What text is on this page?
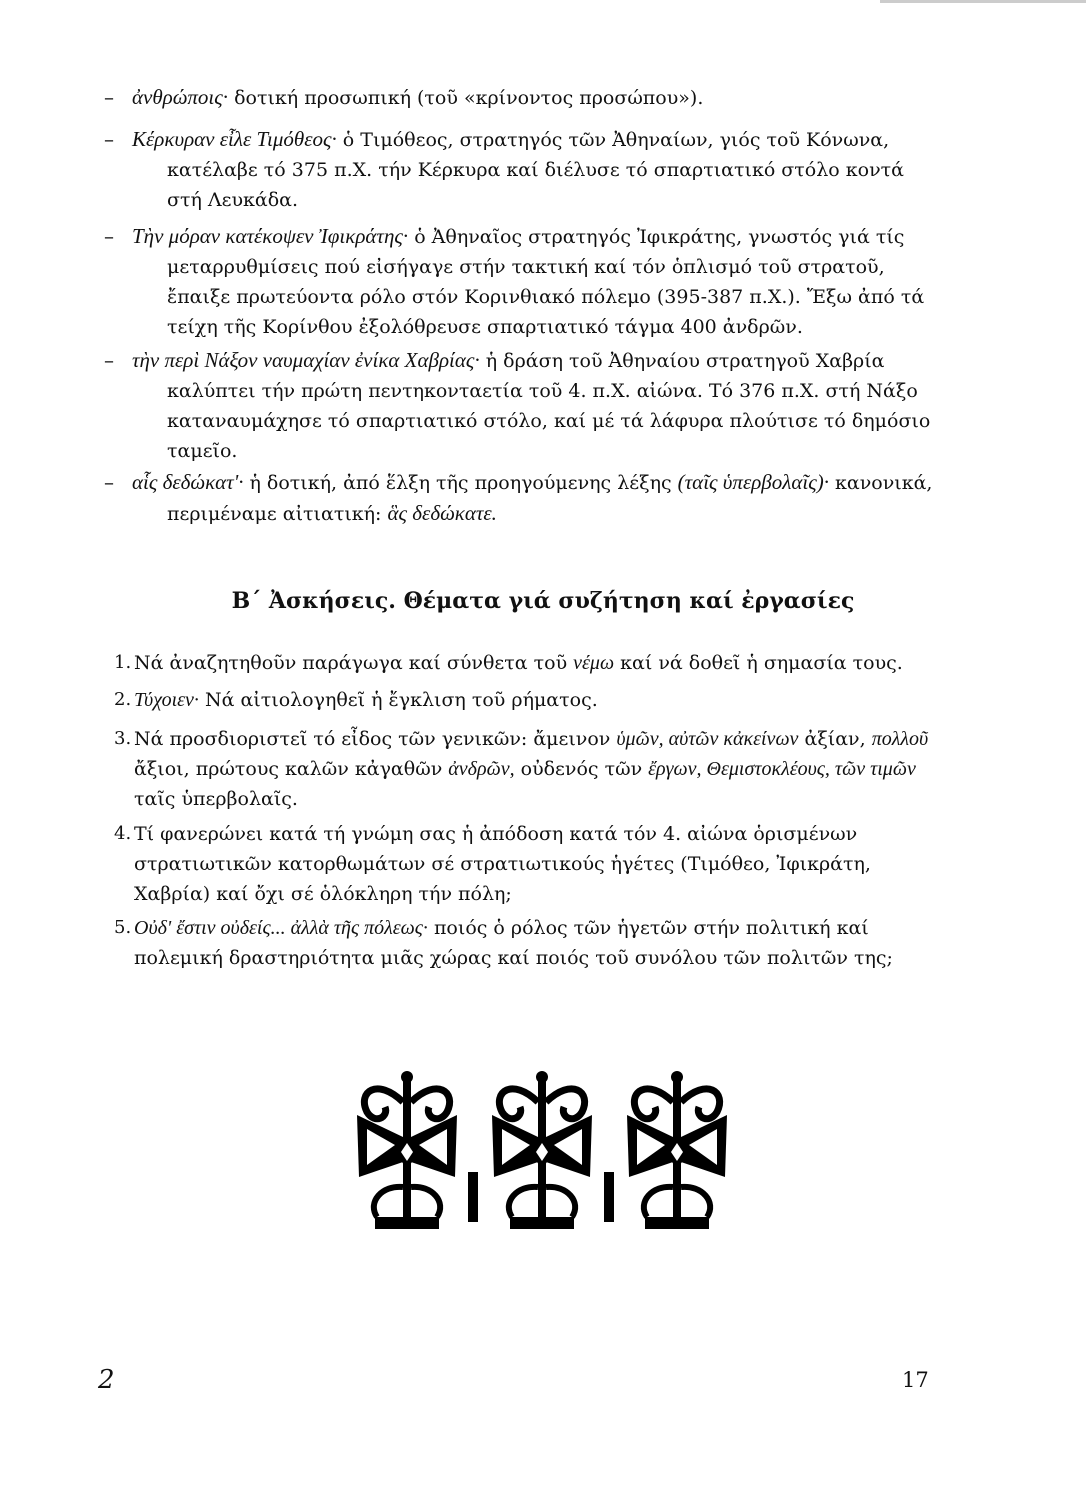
– ἀνθρώποις· δοτική προσωπική (τοῦ «κρίνοντος προσώπου»).
– Κέρκυραν εἶλε Τιμόθεος· ὁ Τιμόθεος, στρατηγός τῶν Ἀθηναίων, γιός τοῦ Κόνωνα, κατέλαβε τό 375 π.Χ. τήν Κέρκυρα καί διέλυσε τό σπαρτιατικό στόλο κοντά στή Λευκάδα.
– Τὴν μόραν κατέκοψεν Ἰφικράτης· ὁ Ἀθηναῖος στρατηγός Ἰφικράτης, γνωστός γιά τίς μεταρρυθμίσεις πού εἰσήγαγε στήν τακτική καί τόν ὁπλισμό τοῦ στρατοῦ, ἔπαιξε πρωτεύοντα ρόλο στόν Κορινθιακό πόλεμο (395-387 π.Χ.). Ἔξω ἀπό τά τείχη τῆς Κορίνθου ἐξολόθρευσε σπαρτιατικό τάγμα 400 ἀνδρῶν.
– τὴν περὶ Νάξον ναυμαχίαν ἐνίκα Χαβρίας· ἡ δράση τοῦ Ἀθηναίου στρατηγοῦ Χαβρία καλύπτει τήν πρώτη πεντηκονταετία τοῦ 4. π.Χ. αἰώνα. Τό 376 π.Χ. στή Νάξο καταναυμάχησε τό σπαρτιατικό στόλο, καί μέ τά λάφυρα πλούτισε τό δημόσιο ταμεῖο.
– αἷς δεδώκατ'· ἡ δοτική, ἀπό ἕλξη τῆς προηγούμενης λέξης (ταῖς ὑπερβολαῖς)· κανονικά, περιμέναμε αἰτιατική: ἃς δεδώκατε.
Β΄ Ἀσκήσεις. Θέματα γιά συζήτηση καί ἐργασίες
1. Νά ἀναζητηθοῦν παράγωγα καί σύνθετα τοῦ νέμω καί νά δοθεῖ ἡ σημασία τους.
2. Τύχοιεν· Νά αἰτιολογηθεῖ ἡ ἔγκλιση τοῦ ρήματος.
3. Νά προσδιοριστεῖ τό εἶδος τῶν γενικῶν: ἄμεινον ὑμῶν, αὐτῶν κἀκείνων ἀξίαν, πολλοῦ ἄξιοι, πρώτους καλῶν κἀγαθῶν ἀνδρῶν, οὐδενός τῶν ἔργων, Θεμιστοκλέους, τῶν τιμῶν ταῖς ὑπερβολαῖς.
4. Τί φανερώνει κατά τή γνώμη σας ἡ ἀπόδοση κατά τόν 4. αἰώνα ὁρισμένων στρατιωτικῶν κατορθωμάτων σέ στρατιωτικούς ἡγέτες (Τιμόθεο, Ἰφικράτη, Χαβρία) καί ὄχι σέ ὁλόκληρη τήν πόλη;
5. Οὐδ' ἔστιν οὐδείς... ἀλλὰ τῆς πόλεως· ποιός ὁ ρόλος τῶν ἡγετῶν στήν πολιτική καί πολεμική δραστηριότητα μιᾶς χώρας καί ποιός τοῦ συνόλου τῶν πολιτῶν της;
2	17
